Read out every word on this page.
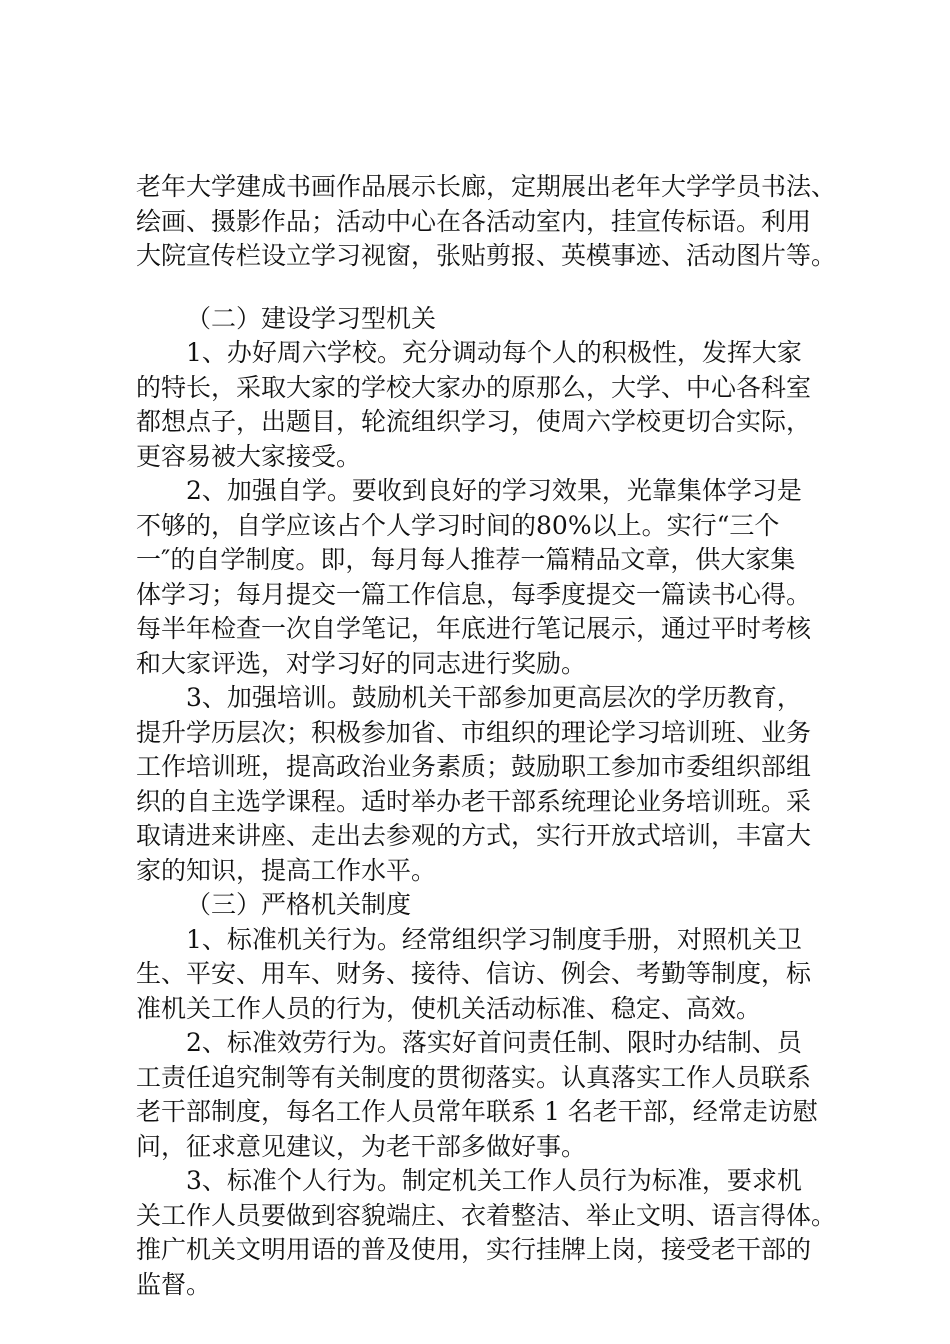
老年大学建成书画作品展示长廊，定期展出老年大学学员书法、
绘画、摄影作品；活动中心在各活动室内，挂宣传标语。利用
大院宣传栏设立学习视窗，张贴剪报、英模事迹、活动图片等。
（二）建设学习型机关
1、办好周六学校。充分调动每个人的积极性，发挥大家
的特长，采取大家的学校大家办的原那么，大学、中心各科室
都想点子，出题目，轮流组织学习，使周六学校更切合实际，
更容易被大家接受。
2、加强自学。要收到良好的学习效果，光靠集体学习是
不够的，自学应该占个人学习时间的80%以上。实行“三个
一″的自学制度。即，每月每人推荐一篇精品文章，供大家集
体学习；每月提交一篇工作信息，每季度提交一篇读书心得。
每半年检查一次自学笔记，年底进行笔记展示，通过平时考核
和大家评选，对学习好的同志进行奖励。
3、加强培训。鼓励机关干部参加更高层次的学历教育，
提升学历层次；积极参加省、市组织的理论学习培训班、业务
工作培训班，提高政治业务素质；鼓励职工参加市委组织部组
织的自主选学课程。适时举办老干部系统理论业务培训班。采
取请进来讲座、走出去参观的方式，实行开放式培训，丰富大
家的知识，提高工作水平。
（三）严格机关制度
1、标准机关行为。经常组织学习制度手册，对照机关卫
生、平安、用车、财务、接待、信访、例会、考勤等制度，标
准机关工作人员的行为，使机关活动标准、稳定、高效。
2、标准效劳行为。落实好首问责任制、限时办结制、员
工责任追究制等有关制度的贯彻落实。认真落实工作人员联系
老干部制度，每名工作人员常年联系 1 名老干部，经常走访慰
问，征求意见建议，为老干部多做好事。
3、标准个人行为。制定机关工作人员行为标准，要求机
关工作人员要做到容貌端庄、衣着整洁、举止文明、语言得体。
推广机关文明用语的普及使用，实行挂牌上岗，接受老干部的
监督。
